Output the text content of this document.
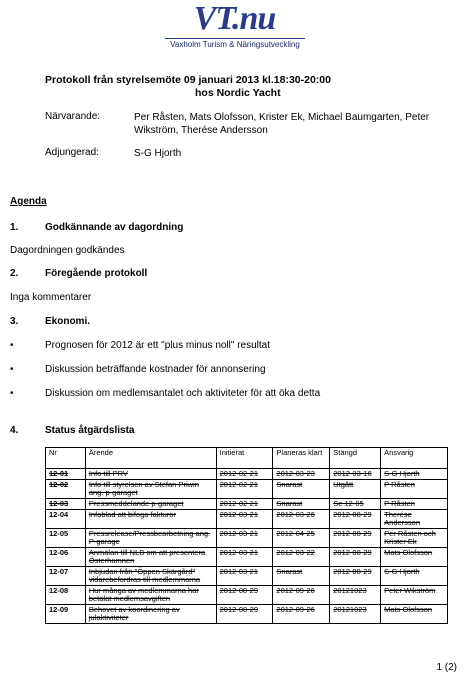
VT.nu
Vaxholm Turism & Näringsutveckling
Protokoll från styrelsemöte 09 januari 2013 kl.18:30-20:00
hos Nordic Yacht
Närvarande:	Per Råsten, Mats Olofsson, Krister Ek, Michael Baumgarten, Peter Wikström, Therése Andersson
Adjungerad:	S-G Hjorth
Agenda
1.	Godkännande av dagordning
Dagordningen godkändes
2.	Föregående protokoll
Inga kommentarer
3.	Ekonomi.
•	Prognosen för 2012 är ett "plus minus noll" resultat
•	Diskussion beträffande kostnader för annonsering
•	Diskussion om medlemsantalet och aktiviteter för att öka detta
4.	Status åtgärdslista
Nr	Ärende	Initierat	Planeras klart	Stängd	Ansvarig
12-01	Info till PRV	2012-02-21	2012-03-23	2012-03-16	S-G Hjorth
12-02	Info till styrelsen av Stefan Priwin ang. p-garaget	2012-02-21	Snarast	Utgått	P Råsten
12-03	Pressmeddelande p-garaget	2012-02-21	Snarast	Se 12-05	P Råsten
12-04	Infoblad att bifoga fakturor	2012-03-21	2012-03-26	2012-08-29	Therése Andersson
12-05	Pressrelease/Pressbearbetning ang. P-garage	2012-03-21	2012-04-25	2012-08-29	Per Råsten och Krister Ek
12-06	Anmälan till NLB om att presentera Österhamnen	2012-03-21	2012-03-22	2012-08-29	Mats Olofsson
12-07	Inbjudan från "Öppen Skärgård" vidarebefordras till medlemmarna	2012-03-21	Snarast	2012-08-29	S-G Hjorth
12-08	Hur många av medlemmarna har betalat medlemsavgiften	2012-08-29	2012-09-26	20121023	Peter Wikström
12-09	Behovet av koordinering av julaktiviteter	2012-08-29	2012-09-26	20121023	Mats Olofsson
1 (2)
